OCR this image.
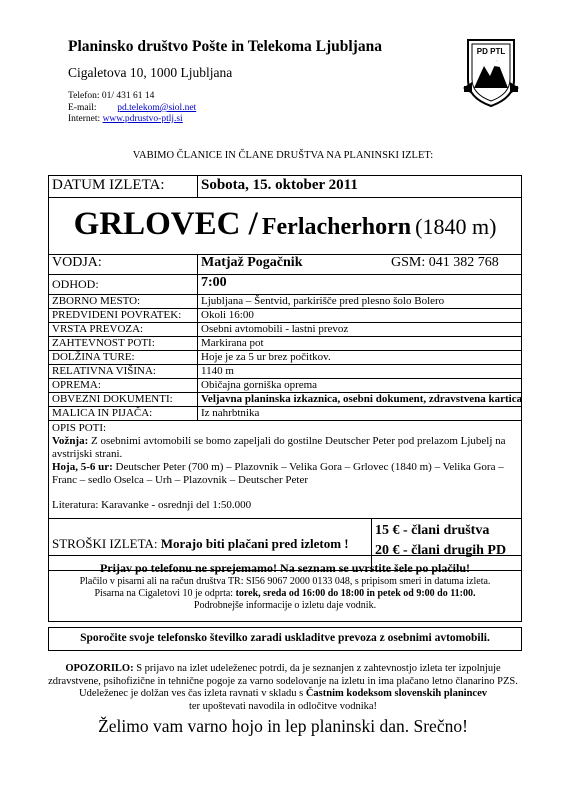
Planinsko društvo Pošte in Telekoma Ljubljana
Cigaletova 10, 1000 Ljubljana
Telefon: 01/ 431 61 14
E-mail: pd.telekom@siol.net
Internet: www.pdrustvo-ptlj.si
PD PTL
VABIMO ČLANICE IN ČLANE DRUŠTVA NA PLANINSKI IZLET:
DATUM IZLETA: Sobota, 15. oktober 2011
GRLOVEC / Ferlacherhorn (1840 m)
VODJA:	Matjaž Pogačnik	GSM: 041 382 768
ODHOD:	7:00
ZBORNO MESTO:	Ljubljana – Šentvid, parkirišče pred plesno šolo Bolero
PREDVIDENI POVRATEK: Okoli 16:00
VRSTA PREVOZA:	Osebni avtomobili - lastni prevoz
ZAHTEVNOST POTI:	Markirana pot
DOLŽINA TURE:	Hoje je za 5 ur brez počitkov.
RELATIVNA VIŠINA:	1140 m
OPREMA:	Običajna gorniška oprema
OBVEZNI DOKUMENTI:	Veljavna planinska izkaznica, osebni dokument, zdravstvena kartica
MALICA IN PIJAČA:	Iz nahrbtnika
OPIS POTI:
Vožnja: Z osebnimi avtomobili se bomo zapeljali do gostilne Deutscher Peter pod prelazom Ljubelj na avstrijski strani.
Hoja, 5-6 ur: Deutscher Peter (700 m) – Plazovnik – Velika Gora – Grlovec (1840 m) – Velika Gora – Franc – sedlo Oselca – Urh – Plazovnik – Deutscher Peter
Literatura: Karavanke - osrednji del 1:50.000
STROŠKI IZLETA: Morajo biti plačani pred izletom !
15 € - člani društva
20 € - člani drugih PD
Prijav po telefonu ne sprejemamo! Na seznam se uvrstite šele po plačilu!
Plačilo v pisarni ali na račun društva TR: SI56 9067 2000 0133 048, s pripisom smeri in datuma izleta.
Pisarna na Cigaletovi 10 je odprta: torek, sreda od 16:00 do 18:00 in petek od 9:00 do 11:00.
Podrobnejše informacije o izletu daje vodnik.
Sporočite svoje telefonsko številko zaradi uskladitve prevoza z osebnimi avtomobili.
OPOZORILO: S prijavo na izlet udeleženec potrdi, da je seznanjen z zahtevnostjo izleta ter izpolnjuje
zdravstvene, psihofizične in tehnične pogoje za varno sodelovanje na izletu in ima plačano letno članarino PZS.
Udeleženec je dolžan ves čas izleta ravnati v skladu s Častnim kodeksom slovenskih planincev
ter upoštevati navodila in odločitve vodnika!
Želimo vam varno hojo in lep planinski dan. Srečno!
